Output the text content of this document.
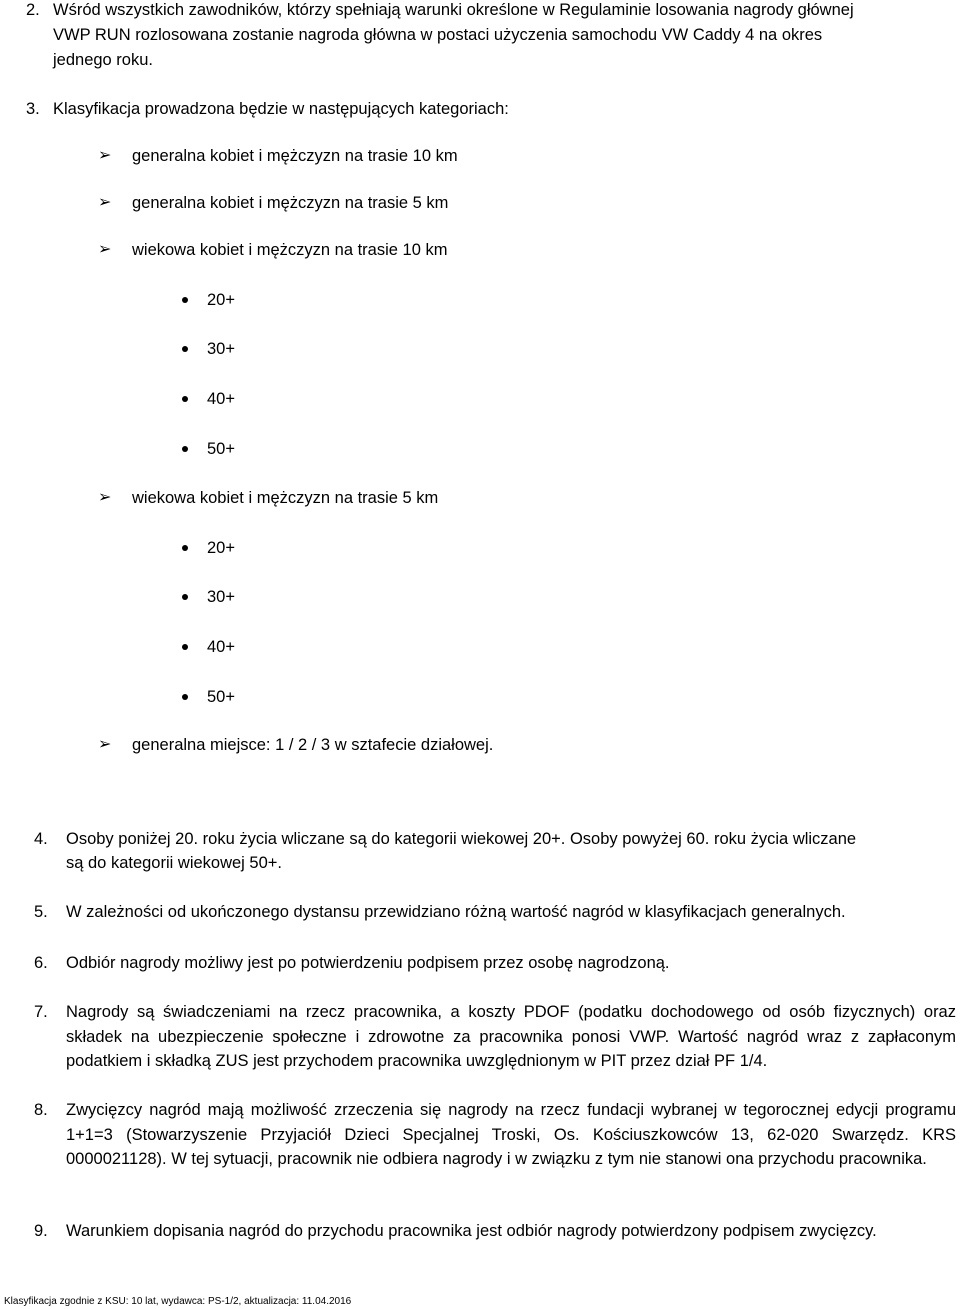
2. Wśród wszystkich zawodników, którzy spełniają warunki określone w Regulaminie losowania nagrody głównej
VWP RUN rozlosowana zostanie nagroda główna w postaci użyczenia samochodu VW Caddy 4 na okres
jednego roku.
3. Klasyfikacja prowadzona będzie w następujących kategoriach:
➢ generalna kobiet i mężczyzn na trasie 10 km
➢ generalna kobiet i mężczyzn na trasie 5 km
➢ wiekowa kobiet i mężczyzn na trasie 10 km
20+
30+
40+
50+
➢ wiekowa kobiet i mężczyzn na trasie 5 km
20+
30+
40+
50+
➢ generalna miejsce: 1 / 2 / 3 w sztafecie działowej.
4. Osoby poniżej 20. roku życia wliczane są do kategorii wiekowej 20+. Osoby powyżej 60. roku życia wliczane
są do kategorii wiekowej 50+.
5. W zależności od ukończonego dystansu przewidziano różną wartość nagród w klasyfikacjach generalnych.
6. Odbiór nagrody możliwy jest po potwierdzeniu podpisem przez osobę nagrodzoną.
7. Nagrody są świadczeniami na rzecz pracownika, a koszty PDOF (podatku dochodowego od osób fizycznych) oraz składek na ubezpieczenie społeczne i zdrowotne za pracownika ponosi VWP. Wartość nagród wraz z zapłaconym podatkiem i składką ZUS jest przychodem pracownika uwzględnionym w PIT przez dział PF 1/4.
8. Zwycięzcy nagród mają możliwość zrzeczenia się nagrody na rzecz fundacji wybranej w tegorocznej edycji programu 1+1=3 (Stowarzyszenie Przyjaciół Dzieci Specjalnej Troski, Os. Kościuszkowców 13, 62-020 Swarzędz. KRS 0000021128). W tej sytuacji, pracownik nie odbiera nagrody i w związku z tym nie stanowi ona przychodu pracownika.
9. Warunkiem dopisania nagród do przychodu pracownika jest odbiór nagrody potwierdzony podpisem zwycięzcy.
Klasyfikacja zgodnie z KSU: 10 lat, wydawca: PS-1/2, aktualizacja: 11.04.2016
